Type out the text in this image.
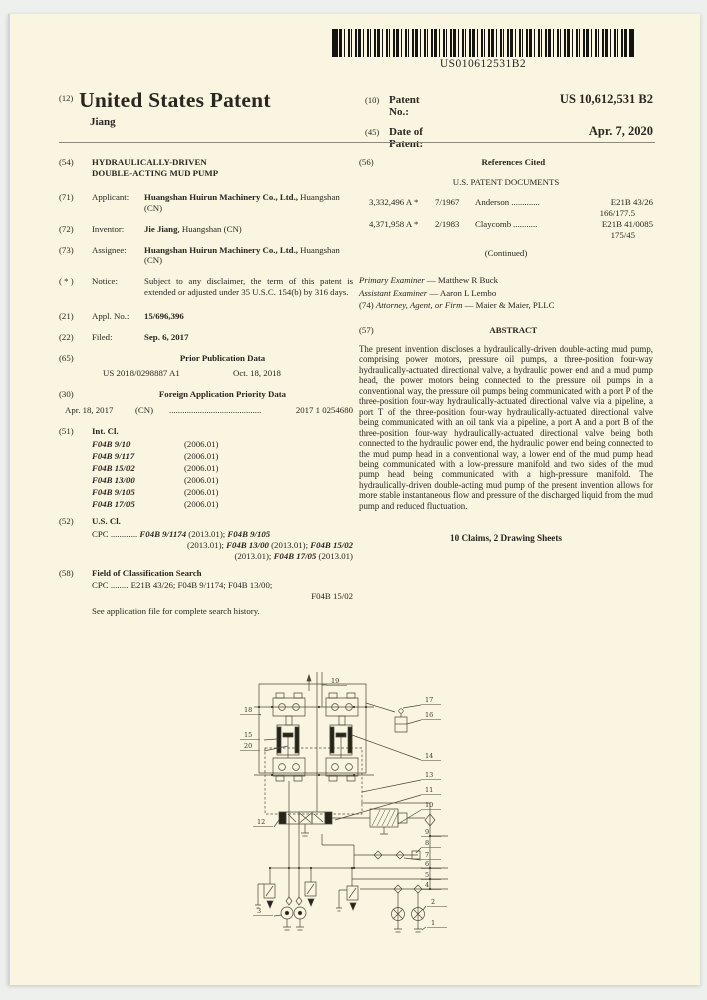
US010612531B2
$^{(12)}$ United States Patent
Jiang
(10) Patent No.:
US 10,612,531 B2
(45) Date of Patent:
Apr. 7, 2020
(54)	HYDRAULICALLY-DRIVEN
DOUBLE-ACTING MUD PUMP
(71)	Applicant:	Huangshan Huirun Machinery Co., Ltd., Huangshan (CN)
(72)	Inventor:	Jie Jiang, Huangshan (CN)
(73)	Assignee:	Huangshan Huirun Machinery Co., Ltd., Huangshan (CN)
( * )	Notice:	Subject to any disclaimer, the term of this patent is extended or adjusted under 35 U.S.C. 154(b) by 316 days.
(21)	Appl. No.:	15/696,396
(22)	Filed:	Sep. 6, 2017
(65)	Prior Publication Data
US 2018/0298887 A1	Oct. 18, 2018
(30)	Foreign Application Priority Data
Apr. 18, 2017	(CN)	..........................................	2017 1 0254680
(51)	Int. Cl.
F04B 9/10	(2006.01)
F04B 9/117	(2006.01)
F04B 15/02	(2006.01)
F04B 13/00	(2006.01)
F04B 9/105	(2006.01)
F04B 17/05	(2006.01)
(52)	U.S. Cl.
CPC ............ F04B 9/1174 (2013.01); F04B 9/105
(2013.01); F04B 13/00 (2013.01); F04B 15/02
(2013.01); F04B 17/05 (2013.01)
(58)	Field of Classification Search
CPC ........ E21B 43/26; F04B 9/1174; F04B 13/00;
F04B 15/02
See application file for complete search history.
(56)	References Cited
U.S. PATENT DOCUMENTS
3,332,496 A *	7/1967	Anderson .............	E21B 43/26
166/177.5
4,371,958 A *	2/1983	Claycomb ...........	E21B 41/0085
175/45
(Continued)
Primary Examiner — Matthew R Buck
Assistant Examiner — Aaron L Lembo
(74) Attorney, Agent, or Firm — Maier & Maier, PLLC
(57)	ABSTRACT
The present invention discloses a hydraulically-driven double-acting mud pump, comprising power motors, pressure oil pumps, a three-position four-way hydraulically-actuated directional valve, a hydraulic power end and a mud pump head, the power motors being connected to the pressure oil pumps in a conventional way, the pressure oil pumps being communicated with a port P of the three-position four-way hydraulically-actuated directional valve via a pipeline, a port T of the three-position four-way hydraulically-actuated directional valve being communicated with an oil tank via a pipeline, a port A and a port B of the three-position four-way hydraulically-actuated directional valve being both connected to the hydraulic power end, the hydraulic power end being connected to the mud pump head in a conventional way, a lower end of the mud pump head being communicated with a low-pressure manifold and two sides of the mud pump head being communicated with a high-pressure manifold. The hydraulically-driven double-acting mud pump of the present invention allows for more stable instantaneous flow and pressure of the discharged liquid from the mud pump and reduced fluctuation.
10 Claims, 2 Drawing Sheets
19
17
16
18
15
20
14
13
11
10
12
9
8
7
6
5
4
3
2
1
